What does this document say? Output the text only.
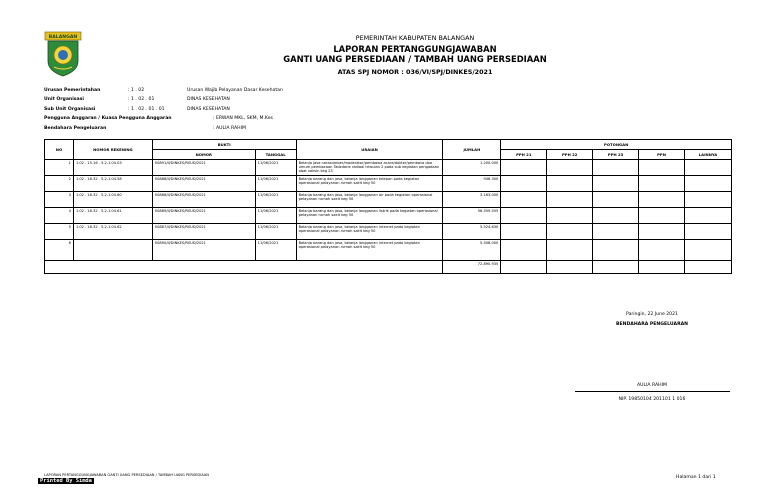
BALANGAN	PEMERINTAH KABUPATEN BALANGAN
LAPORAN PERTANGGUNGJAWABAN
GANTI UANG PERSEDIAAN / TAMBAH UANG PERSEDIAAN
ATAS SPJ NOMOR : 036/VI/SPJ/DINKES/2021
Urusan Pemerintahan	: 1 . 02	Urusan Wajib Pelayanan Dasar Kesehatan
Unit Organisasi	: 1 . 02 . 01	DINAS KESEHATAN
Sub Unit Organisasi	: 1 . 02 . 01 . 01	DINAS KESEHATAN
Pengguna Anggaran / Kuasa Pengguna Anggaran	: ERWAN MKL, SKM, M.Kes
Bendahara Pengeluaran	: AULIA RAHIM
NO	NOMOR REKENING	BUKTI		URAIAN	JUMLAH	POTONGAN				
		NOMOR	TANGGAL			PPH 21	PPH 22	PPH 23	PPN	LAINNYA
1	1.02 . 15.16 . 5.2.1.04.03	00891/II/DINKES/RSUD/2021	11/06/2021	Belanja jasa narasumber/moderator/pembawa acara/dokter/pembaca doa umum pembacaan Tadzdarie radioai triwulan 2 pada sub kegiatan pengadaan obat vaksin keg 23	1.200.000					
2	1.02 . 16.32 . 5.2.1.04.58	00888/II/DINKES/RSUD/2021	11/06/2021	Belanja barang dan jasa, belanja langganan telepon pada kegiatan operasional pelayanan rumah sakit keg 50	946.300					
3	1.02 . 16.32 . 5.2.1.04.60	00886/II/DINKES/RSUD/2021	11/06/2021	Belanja barang dan jasa, belanja langganan air pada kegiatan operasional pelayanan rumah sakit keg 50	3.163.000					
4	1.02 . 16.32 . 5.2.1.04.61	00889/II/DINKES/RSUD/2021	11/06/2021	Belanja barang dan jasa, belanja langganan listrik pada kegiatan operasional pelayanan rumah sakit keg 50	56.559.505					
5	1.02 . 16.32 . 5.2.1.04.62	00887/II/DINKES/RSUD/2021	11/06/2021	Belanja barang dan jasa, belanja langganan internet pada kegiatan operasional pelayanan rumah sakit keg 50	5.524.630					
6		00890/II/DINKES/RSUD/2021	11/06/2021	Belanja barang dan jasa, belanja langganan internet pada kegiatan operasional pelayanan rumah sakit keg 50	5.508.000					
					72.890.935					
Paringin, 22 June 2021
BENDAHARA PENGELUARAN
AULIA RAHIM
NIP. 19850104 201101 1 016
LAPORAN PERTANGGUNGJAWABAN GANTI UANG PERSEDIAAN / TAMBAH UANG PERSEDIAAN	Halaman 1 dari 1
Printed By Simda
